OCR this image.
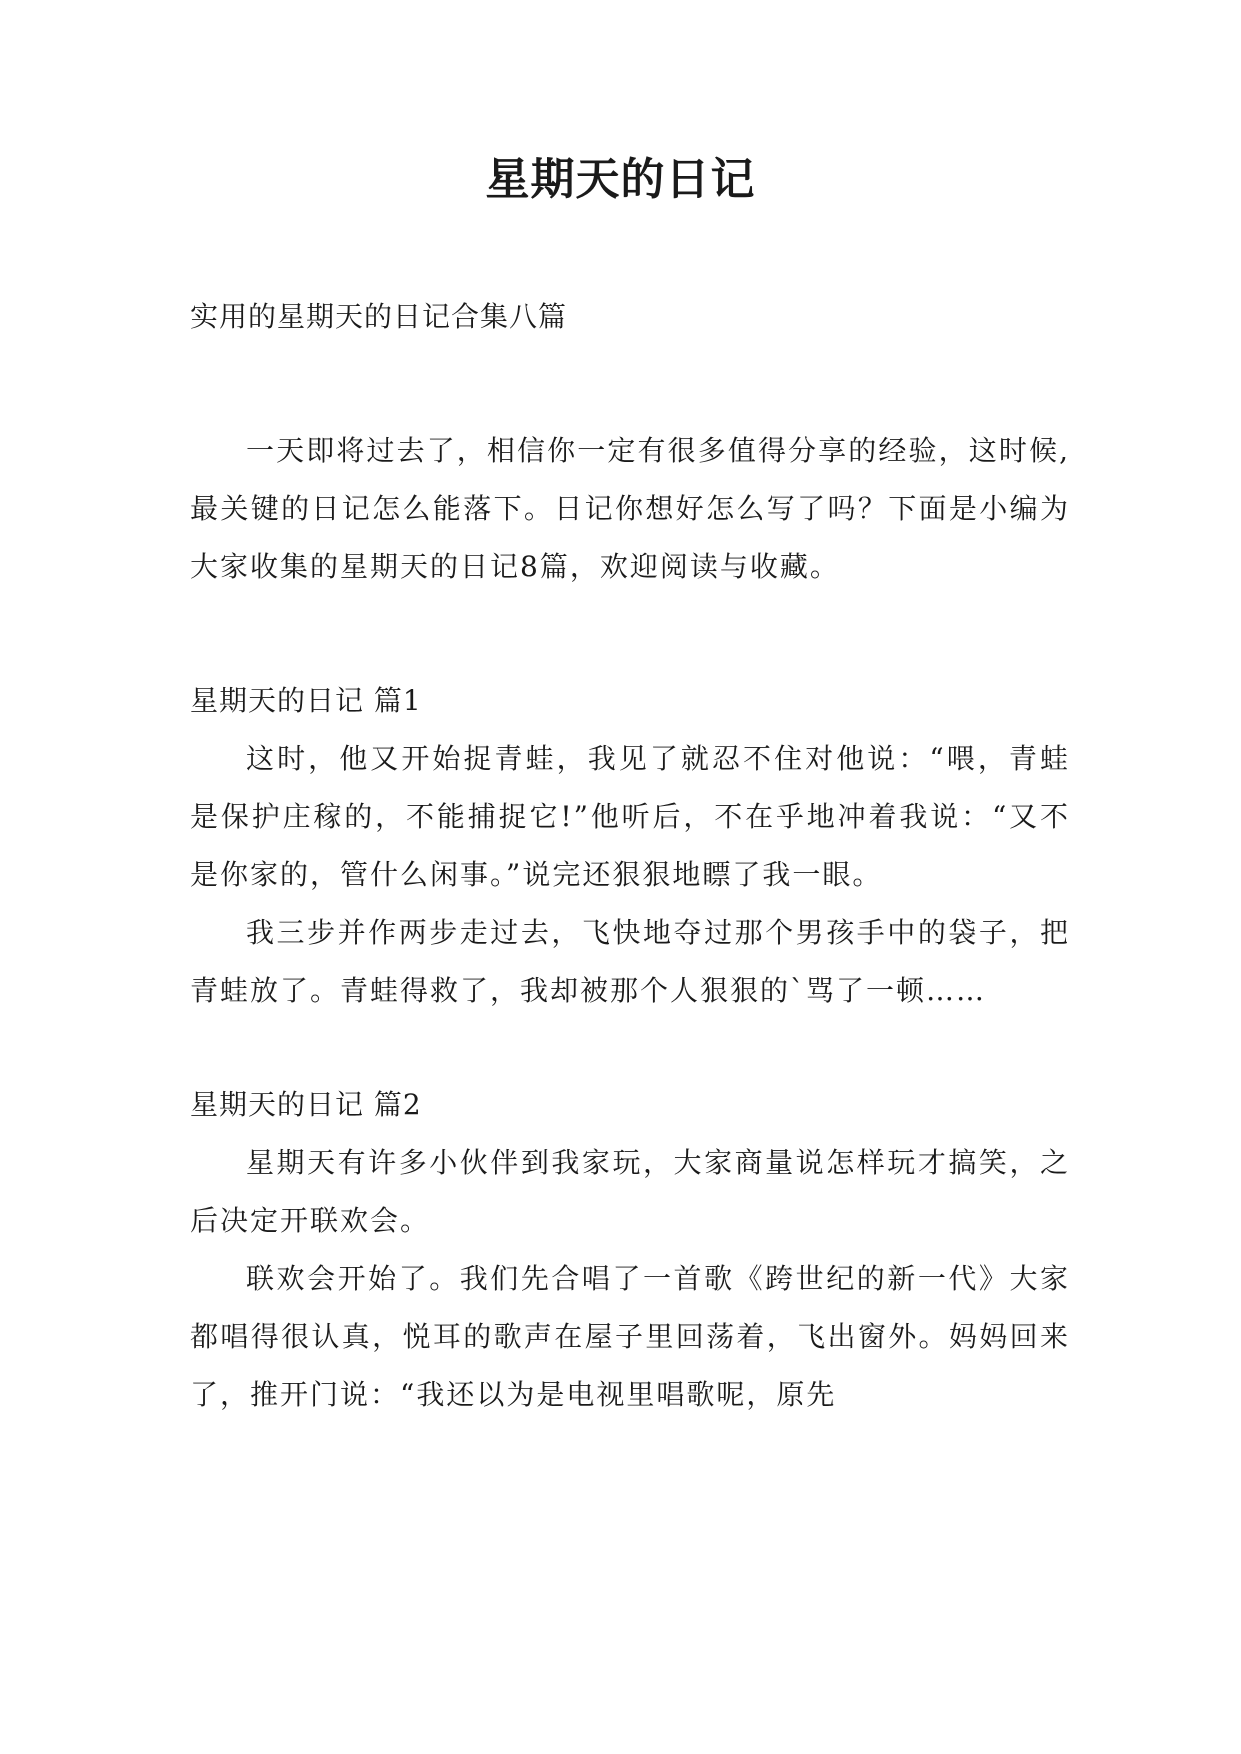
星期天的日记

实用的星期天的日记合集八篇

一天即将过去了，相信你一定有很多值得分享的经验，这时候,最关键的日记怎么能落下。日记你想好怎么写了吗？下面是小编为大家收集的星期天的日记8篇，欢迎阅读与收藏。

星期天的日记 篇1

这时，他又开始捉青蛙，我见了就忍不住对他说：“喂，青蛙是保护庄稼的，不能捕捉它!”他听后，不在乎地冲着我说：“又不是你家的，管什么闲事。”说完还狠狠地瞟了我一眼。

我三步并作两步走过去，飞快地夺过那个男孩手中的袋子，把青蛙放了。青蛙得救了，我却被那个人狠狠的`骂了一顿……

星期天的日记 篇2

星期天有许多小伙伴到我家玩，大家商量说怎样玩才搞笑，之后决定开联欢会。

联欢会开始了。我们先合唱了一首歌《跨世纪的新一代》大家都唱得很认真，悦耳的歌声在屋子里回荡着，飞出窗外。妈妈回来了，推开门说：“我还以为是电视里唱歌呢，原先
